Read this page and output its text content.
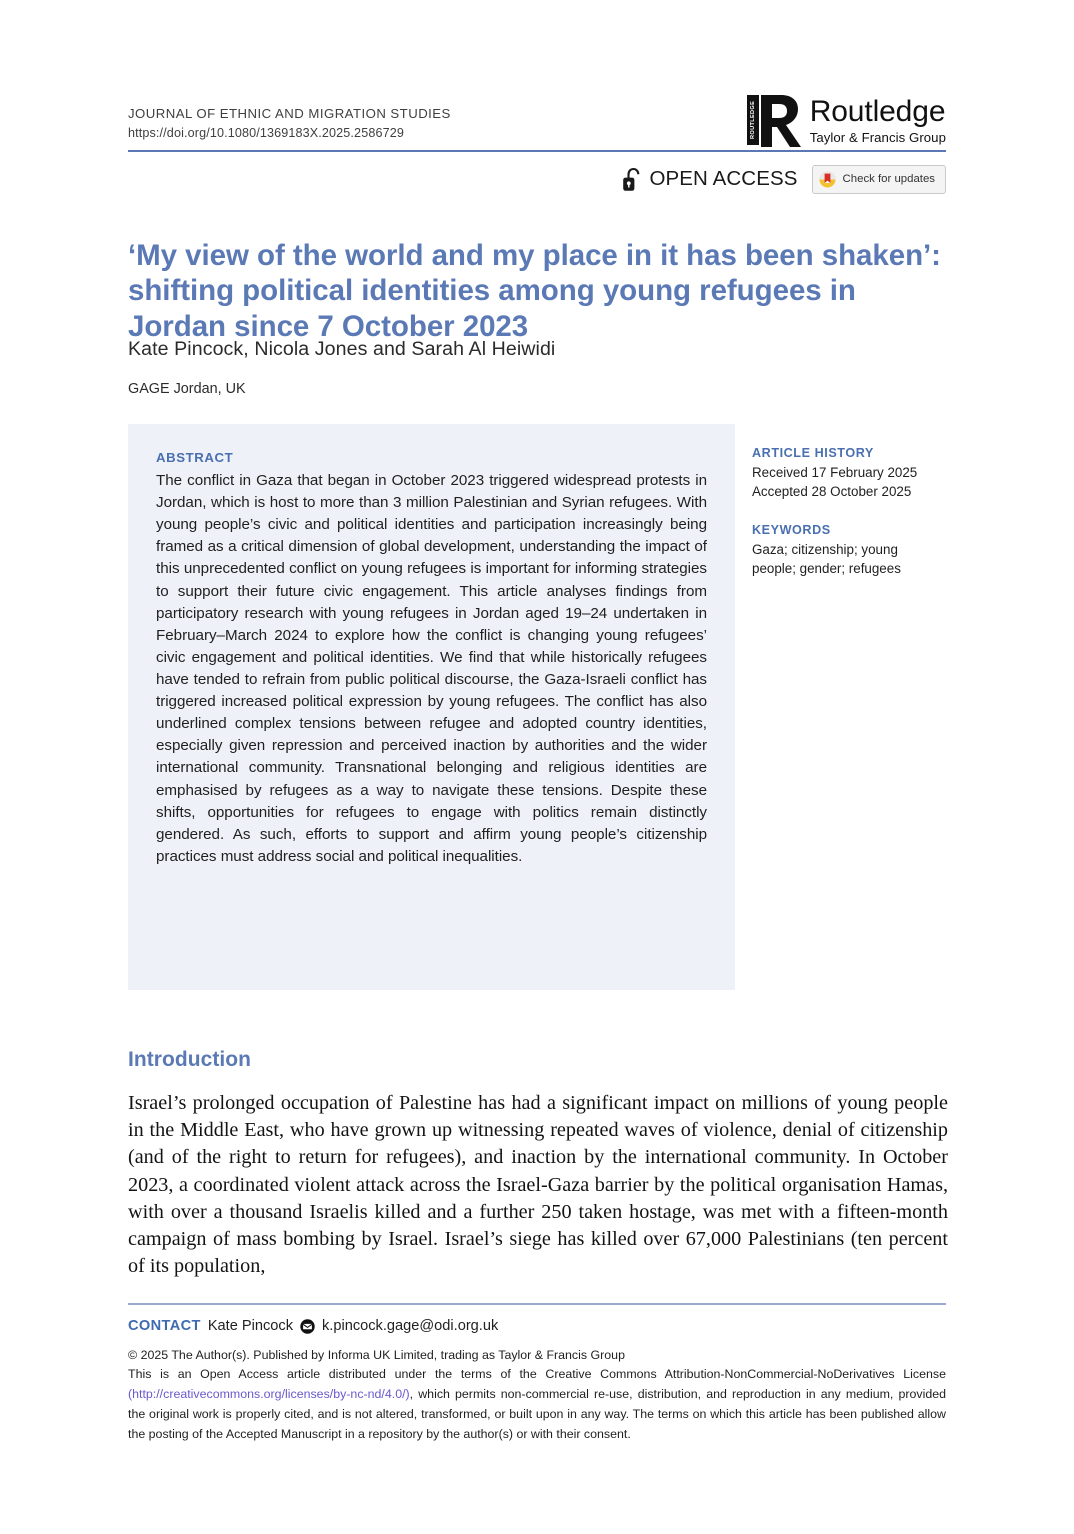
JOURNAL OF ETHNIC AND MIGRATION STUDIES
https://doi.org/10.1080/1369183X.2025.2586729	ROUTLEDGE Routledge
Taylor & Francis Group
OPEN ACCESS	Check for updates
‘My view of the world and my place in it has been shaken’: shifting political identities among young refugees in Jordan since 7 October 2023
Kate Pincock, Nicola Jones and Sarah Al Heiwidi
GAGE Jordan, UK
ABSTRACT
The conflict in Gaza that began in October 2023 triggered widespread protests in Jordan, which is host to more than 3 million Palestinian and Syrian refugees. With young people’s civic and political identities and participation increasingly being framed as a critical dimension of global development, understanding the impact of this unprecedented conflict on young refugees is important for informing strategies to support their future civic engagement. This article analyses findings from participatory research with young refugees in Jordan aged 19–24 undertaken in February–March 2024 to explore how the conflict is changing young refugees’ civic engagement and political identities. We find that while historically refugees have tended to refrain from public political discourse, the Gaza-Israeli conflict has triggered increased political expression by young refugees. The conflict has also underlined complex tensions between refugee and adopted country identities, especially given repression and perceived inaction by authorities and the wider international community. Transnational belonging and religious identities are emphasised by refugees as a way to navigate these tensions. Despite these shifts, opportunities for refugees to engage with politics remain distinctly gendered. As such, efforts to support and affirm young people’s citizenship practices must address social and political inequalities.
ARTICLE HISTORY
Received 17 February 2025
Accepted 28 October 2025
KEYWORDS
Gaza; citizenship; young
people; gender; refugees
Introduction
Israel’s prolonged occupation of Palestine has had a significant impact on millions of young people in the Middle East, who have grown up witnessing repeated waves of violence, denial of citizenship (and of the right to return for refugees), and inaction by the international community. In October 2023, a coordinated violent attack across the Israel-Gaza barrier by the political organisation Hamas, with over a thousand Israelis killed and a further 250 taken hostage, was met with a fifteen-month campaign of mass bombing by Israel. Israel’s siege has killed over 67,000 Palestinians (ten percent of its population,
CONTACT Kate Pincock k.pincock.gage@odi.org.uk
© 2025 The Author(s). Published by Informa UK Limited, trading as Taylor & Francis Group
This is an Open Access article distributed under the terms of the Creative Commons Attribution-NonCommercial-NoDerivatives License (http://creativecommons.org/licenses/by-nc-nd/4.0/), which permits non-commercial re-use, distribution, and reproduction in any medium, provided the original work is properly cited, and is not altered, transformed, or built upon in any way. The terms on which this article has been published allow the posting of the Accepted Manuscript in a repository by the author(s) or with their consent.
